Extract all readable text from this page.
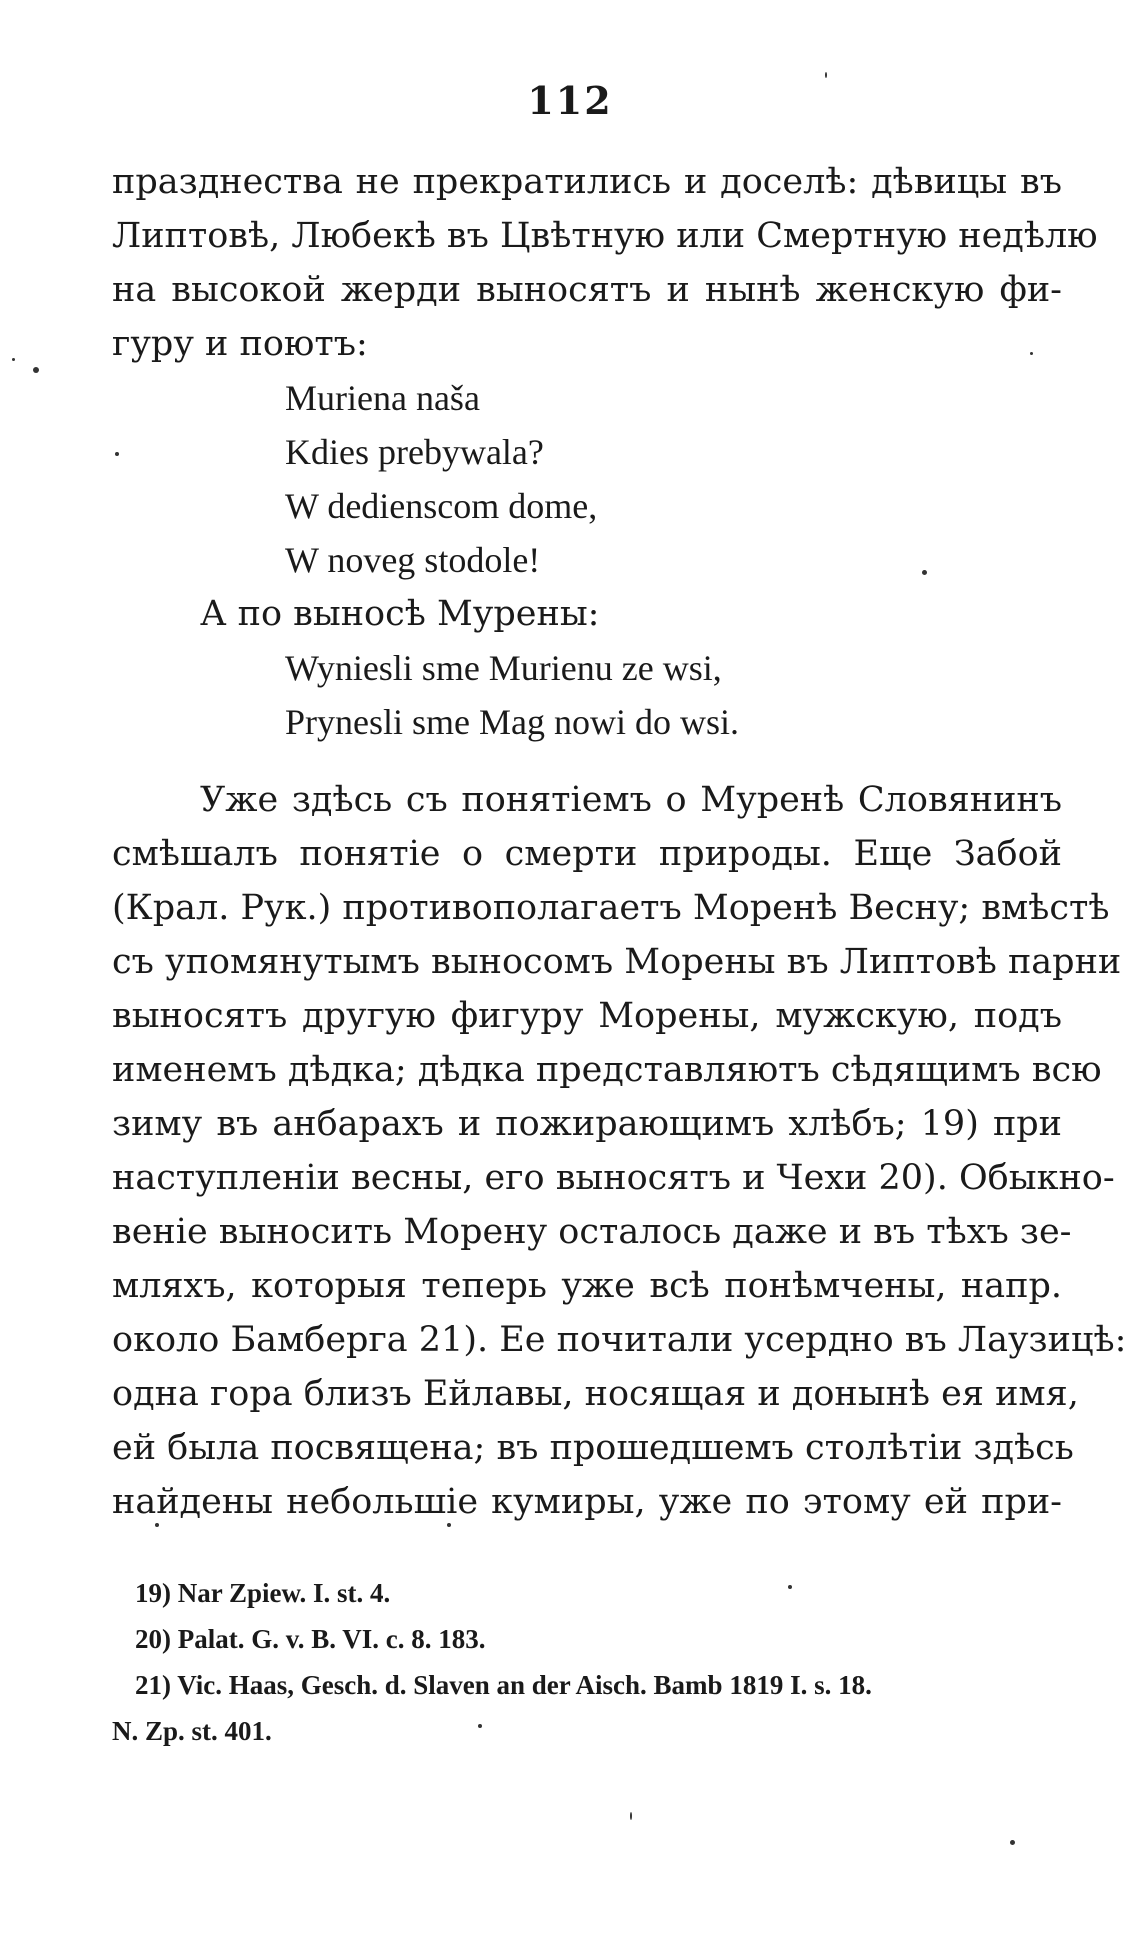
112
празднества не прекратились и доселѣ: дѣвицы въ
Липтовѣ, Любекѣ въ Цвѣтную или Смертную недѣлю
на высокой жерди выносятъ и нынѣ женскую фи-
гуру и поютъ:
Muriena naša
Kdies prebywala?
W dedienscom dome,
W noveg stodole!
А по выносѣ Мурены:
Wyniesli sme Murienu ze wsi,
Prynesli sme Mag nowi do wsi.
Уже здѣсь съ понятіемъ о Муренѣ Словянинъ
смѣшалъ понятіе о смерти природы. Еще Забой
(Крал. Рук.) противополагаетъ Моренѣ Весну; вмѣстѣ
съ упомянутымъ выносомъ Морены въ Липтовѣ парни
выносятъ другую фигуру Морены, мужскую, подъ
именемъ дѣдка; дѣдка представляютъ сѣдящимъ всю
зиму въ анбарахъ и пожирающимъ хлѣбъ; 19) при
наступленіи весны, его выносятъ и Чехи 20). Обыкно-
веніе выносить Морену осталось даже и въ тѣхъ зе-
мляхъ, которыя теперь уже всѣ понѣмчены, напр.
около Бамберга 21). Ее почитали усердно въ Лаузицѣ:
одна гора близъ Ейлавы, носящая и донынѣ ея имя,
ей была посвящена; въ прошедшемъ столѣтіи здѣсь
найдены небольшіе кумиры, уже по этому ей при-
19) Nar Zpiew. I. st. 4.
20) Palat. G. v. B. VI. c. 8. 183.
21) Vic. Haas, Gesch. d. Slaven an der Aisch. Bamb 1819 I. s. 18.
N. Zp. st. 401.
